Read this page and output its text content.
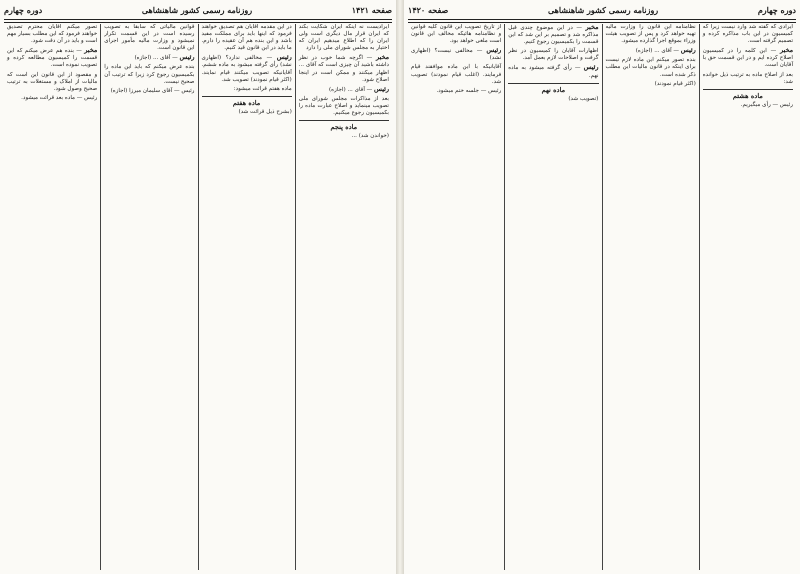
صفحه ۱۴۲۱
روزنامه رسمی کشور شاهنشاهی
دوره چهارم

ایرادیست نه اینکه ایران شکایت بکند که ایران قرار مال دیگری است ولی ایران را که اطلاع میدهیم ایران که اختیار به مجلس شورای ملی را دارد

مخبر — اگرچه شما خوب در نظر داشته باشید آن چیزی است که آقای ... اظهار میکنند و ممکن است در اینجا اصلاح شود.

رئیس — آقای ... (اجازه)

بعد از مذاکرات مجلس شورای ملی تصویب مینماید و اصلاح عبارت ماده را بکمیسیون رجوع میکنیم.

ماده پنجم

(خواندن شد) ...

در این مقدمه آقایان هم تصدیق خواهند فرمود که اینها باید برای مملکت مفید باشد و این بنده هم آن عقیده را دارم. ما باید در این قانون قید کنیم.

رئیس — مخالفی ندارد؟ (اظهاری نشد) رأی گرفته میشود به ماده ششم. آقایانیکه تصویب میکنند قیام نمایند. (اکثر قیام نمودند) تصویب شد.

ماده هفتم قرائت میشود:

ماده هفتم

(بشرح ذیل قرائت شد)

قوانین مالیاتی که سابقاً به تصویب رسیده است در این قسمت تکرار نمیشود و وزارت مالیه مأمور اجرای این قانون است.

رئیس — آقای ... (اجازه)

بنده عرض میکنم که باید این ماده را بکمیسیون رجوع کرد زیرا که ترتیب آن صحیح نیست.

رئیس — آقای سلیمان میرزا (اجازه)

تصور میکنم آقایان محترم تصدیق خواهند فرمود که این مطلب بسیار مهم است و باید در آن دقت شود.

مخبر — بنده هم عرض میکنم که این قسمت را کمیسیون مطالعه کرده و تصویب نموده است.

و مقصود از این قانون این است که مالیات از املاک و مستغلات به ترتیب صحیح وصول شود.

رئیس — ماده بعد قرائت میشود.

دوره چهارم
روزنامه رسمی کشور شاهنشاهی
صفحه ۱۴۲۰

ایرادی که گفته شد وارد نیست زیرا که کمیسیون در این باب مذاکره کرده و تصمیم گرفته است.

مخبر — این کلمه را در کمیسیون اصلاح کرده ایم و در این قسمت حق با آقایان است.

بعد از اصلاح ماده به ترتیب ذیل خوانده شد:

ماده هشتم

رئیس — رأی میگیریم.

نظامنامه این قانون را وزارت مالیه تهیه خواهد کرد و پس از تصویب هیئت وزراء بموقع اجرا گذارده میشود.

رئیس — آقای ... (اجازه)

بنده تصور میکنم این ماده لازم نیست برای اینکه در قانون مالیات این مطلب ذکر شده است.

(اکثر قیام نمودند)

مخبر — در این موضوع چندی قبل مذاکره شد و تصمیم بر این شد که این قسمت را بکمیسیون رجوع کنیم.

اظهارات آقایان را کمیسیون در نظر گرفت و اصلاحات لازم بعمل آمد.

رئیس — رأی گرفته میشود به ماده نهم.

ماده نهم

(تصویب شد)

از تاریخ تصویب این قانون کلیه قوانین و نظامنامه هائیکه مخالف این قانون است ملغی خواهد بود.

رئیس — مخالفی نیست؟ (اظهاری نشد)

آقایانیکه با این ماده موافقند قیام فرمایند. (اغلب قیام نمودند) تصویب شد.

رئیس — جلسه ختم میشود.
